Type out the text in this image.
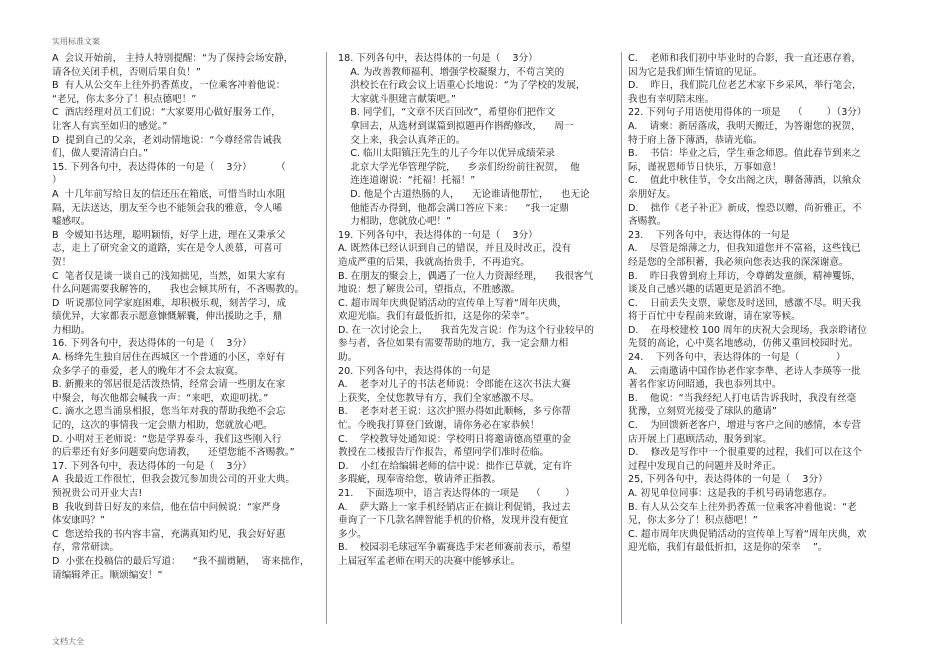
实用标准文案

A  会议开始前， 主持人特别提醒：“为了保持会场安静，

请各位关闭手机，否则后果自负！”

B  有人从公交车上往外扔香蕉皮，一位乘客冲着他说：

“老兄，你太多分了！积点德吧！”

C  酒店经理对员工们说：“大家要用心做好服务工作，

让客人有宾至如归的感觉。”

D  提到自己的父亲，老刘动情地说：“今尊经常告诫我

们，做人要清清白白。”

15. 下列各句中，表达得体的一句是（    3分）        （        ）

A  十几年前写给日友的信还压在箱底，可惜当时山水阻

隔，无法送达，朋友至今也不能领会我的雅意，令人唏

嘘感叹。

B  令嫒知书达理，聪明颖悟，好学上进，理在又秉承父

志，走上了研究金文的道路，实在是令人羡慕，可喜可

贺！

C  笔者仅是谈一谈自己的浅知拙见，当然，如果大家有

什么问题需要我解答的，    我也会倾其所有，不吝赐教的。

D  听说那位同学家庭困难，却积极乐观，刻苦学习，成

绩优异，大家都表示愿意慷慨解囊，伸出援助之手，鼎

力相助。

16. 下列各句中，表达得体的一句是（    3分）

A. 杨绛先生独自居住在西城区一个普通的小区，幸好有

众多学子的垂爱，老人的晚年才不会太寂寞。

B. 新搬来的邻居很是活泼热情，经常会请一些朋友在家

中聚会，每次他都会喊我一声：“来吧，欢迎叨扰。”

C. 滴水之恩当涌泉相报，您当年对我的帮助我绝不会忘

记的，这次的事情我一定会鼎力相助，您就放心吧。

D. 小明对王老师说：“您是学界泰斗，我们这些刚入行

的后辈还有好多问题要向您请教，    还望您能不吝赐教。”

17. 下列各句中，表达得体的一句是（    3分）

A  我最近工作很忙，但我会拨冗参加贵公司的开业大典。

预祝贵公司开业大吉!

B  我收到昔日好友的来信，他在信中问候说：“家严身

体安康吗？”

C  您送给我的书内容丰富，充满真知灼见，我会好好惠

存，常常研读。

D  小张在投稿信的最后写道：    “我不揣谫陋，  寄来拙作，

请编辑斧正。顺颂编安！”

18. 下列各句中，表达得体的一句是（    3分）

A. 为改善教师福利、增强学校凝聚力，不苟言笑的

洪校长在行政会议上语重心长地说：“为了学校的发展，

大家就斗胆建言献策吧。”

B. 同学们，“文章不厌百回改”，希望你们把作文

拿回去，从选材到谋篇到拟题再作斟酌修改，    周一

交上来，我会认真斧正的。

C. 临川太阳镇汪先生的儿子今年以优异成绩荣录

北京大学光华管理学院，    乡亲们纷纷前往祝贺，  他

连连道谢说：“托福！托福！”

D. 他是个古道热肠的人，    无论谁请他帮忙，    也无论

他能否办得到，他都会满口答应下来：    “我一定鼎

力相助，您就放心吧！”

19. 下列各句中，表达得体的一句是（    3分）

A. 既然体已经认识到自己的错误，并且及时改正，没有

造成严重的后果，我就高抬贵手，不再追究。

B. 在朋友的聚会上，偶遇了一位人力资源经理，    我很客气

地说：想了解贵公司，望指点，不胜感激。

C. 超市周年庆典促销活动的宣传单上写着“周年庆典，

欢迎光临。我们有最低折扣，这是你的荣幸”。

D. 在一次讨论会上，    我首先发言说：作为这个行业较早的

参与者，各位如果有需要帮助的地方，我一定会鼎力相

助。

20. 下列各句中，表达得体的一句是

A.    老李对儿子的书法老师说：令郎能在这次书法大赛

上获奖，全仗您教导有方，我们全家感激不尽。

B.    老李对老王说：这次护照办得如此顺畅，多亏你帮

忙。今晚我打算登门致谢，请你务必在家恭候！

C.    学校教导处通知说：学校明日将邀请德高望重的金

教授在二楼报告厅作报告，希望同学们准时莅临。

D.    小红在给编辑老师的信中说：拙作已草就，定有许

多瑕疵，现奉寄给您，敬请斧正指教。

21.    下面选项中，语言表达得体的一项是    （        ）

A.    萨大路上一家手机经销店正在搞让利促销，我过去

垂询了一下几款名牌智能手机的价格，发现并没有便宜

多少。

B.    校园羽毛球冠军争霸赛选手宋老师赛前表示，希望

上届冠军孟老师在明天的决赛中能够承让。

C.    老师和我们初中毕业时的合影，我一直还惠存着，

因为它是我们师生情谊的见证。

D.    昨日，我们院几位老艺术家下乡采风，举行笔会，

我也有幸叨陪末座。

22. 下列句子用语使用得体的一项是    （        ）（3分）

A.    请柬：新居落成，我明天搬迁，为答谢您的祝贺，

特于府上备下薄酒，恭请光临。

B.    书信：毕业之后，学生垂念师恩。值此春节到来之

际，谨祝恩师节日快乐，万事如意！

C.    值此中秋佳节，令女出阁之庆，聊备薄酒，以飨众

亲朋好友。

D.    拙作《老子补正》新成，惶恐以赠，尚祈雅正，不

吝赐教。

23.    下列各句中，表达得体的一句是

A.    尽管是绵薄之力，但我知道您并不富裕，这些钱已

经是您的全部积蓄，我必须向您表达我的深深谢意。

B.    昨日我曾到府上拜访，令尊鹤发童颜，精神矍铄，

谈及自己感兴趣的话题更是滔滔不绝。

C.    日前丢失支票，蒙您及时送回，感激不尽。明天我

将于百忙中专程前来致谢，请在家等候。

D.    在母校建校 100 周年的庆祝大会现场，我亲聆诸位

先贤的高论，心中莫名地感动，仿佛又重回校园时光。

24.    下列各句中，表达得体的一句是（            ）

A.    云南邀请中国作协老作家李準、老诗人李瑛等一批

著名作家访问昭通，我也忝列其中。

B.    他说：“当我经纪人打电话告诉我时，我没有丝毫

犹豫，立刻贸光接受了球队的邀请”

C.    为回馈新老客户，增进与客户之间的感情，本专营

店开展上门惠顾活动，服务到家。

D.    修改是写作中一个很重要的过程，我们可以在这个

过程中发现自己的问题并及时斧正。

25, 下列各句中，表达得体的一句是（    3分）

A. 初见单位同事：这是我的手机号码请您惠存。

B. 有人从公交车上往外扔香蕉一位乘客冲着他说：“老

兄，你太多分了！积点德吧！”

C. 超市周年庆典促销活动的宣传单上写着“周年庆典，欢

迎光临，我们有最低折扣，这是你的荣幸    ”。

文档大全
